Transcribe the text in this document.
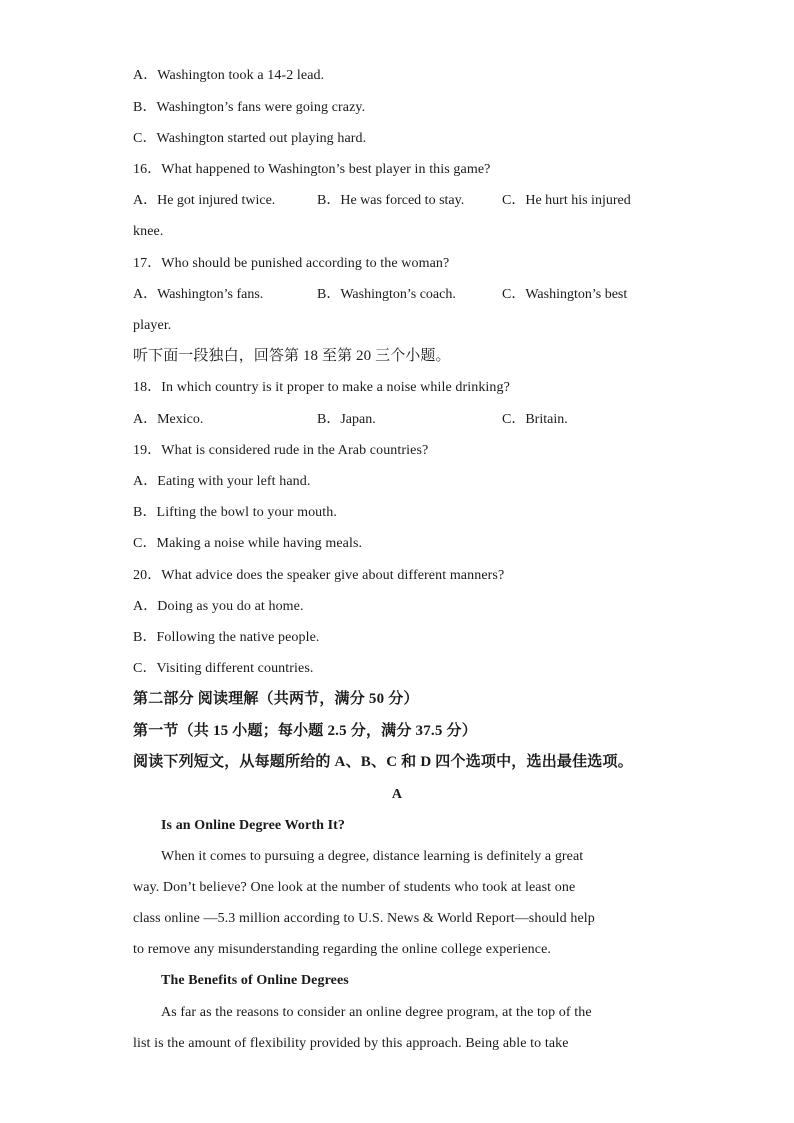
A．Washington took a 14-2 lead.
B．Washington’s fans were going crazy.
C．Washington started out playing hard.
16．What happened to Washington’s best player in this game?
A．He got injured twice.	B．He was forced to stay.	C．He hurt his injured
knee.
17．Who should be punished according to the woman?
A．Washington’s fans.	B．Washington’s coach.	C．Washington’s best
player.
听下面一段独白，回答第 18 至第 20 三个小题。
18．In which country is it proper to make a noise while drinking?
A．Mexico.	B．Japan.	C．Britain.
19．What is considered rude in the Arab countries?
A．Eating with your left hand.
B．Lifting the bowl to your mouth.
C．Making a noise while having meals.
20．What advice does the speaker give about different manners?
A．Doing as you do at home.
B．Following the native people.
C．Visiting different countries.
第二部分 阅读理解（共两节，满分 50 分）
第一节（共 15 小题；每小题 2.5 分，满分 37.5 分）
阅读下列短文，从每题所给的 A、B、C 和 D 四个选项中，选出最佳选项。
A
Is an Online Degree Worth It?
When it comes to pursuing a degree, distance learning is definitely a great
way. Don’t believe? One look at the number of students who took at least one
class online —5.3 million according to U.S. News & World Report—should help
to remove any misunderstanding regarding the online college experience.
The Benefits of Online Degrees
As far as the reasons to consider an online degree program, at the top of the
list is the amount of flexibility provided by this approach. Being able to take
